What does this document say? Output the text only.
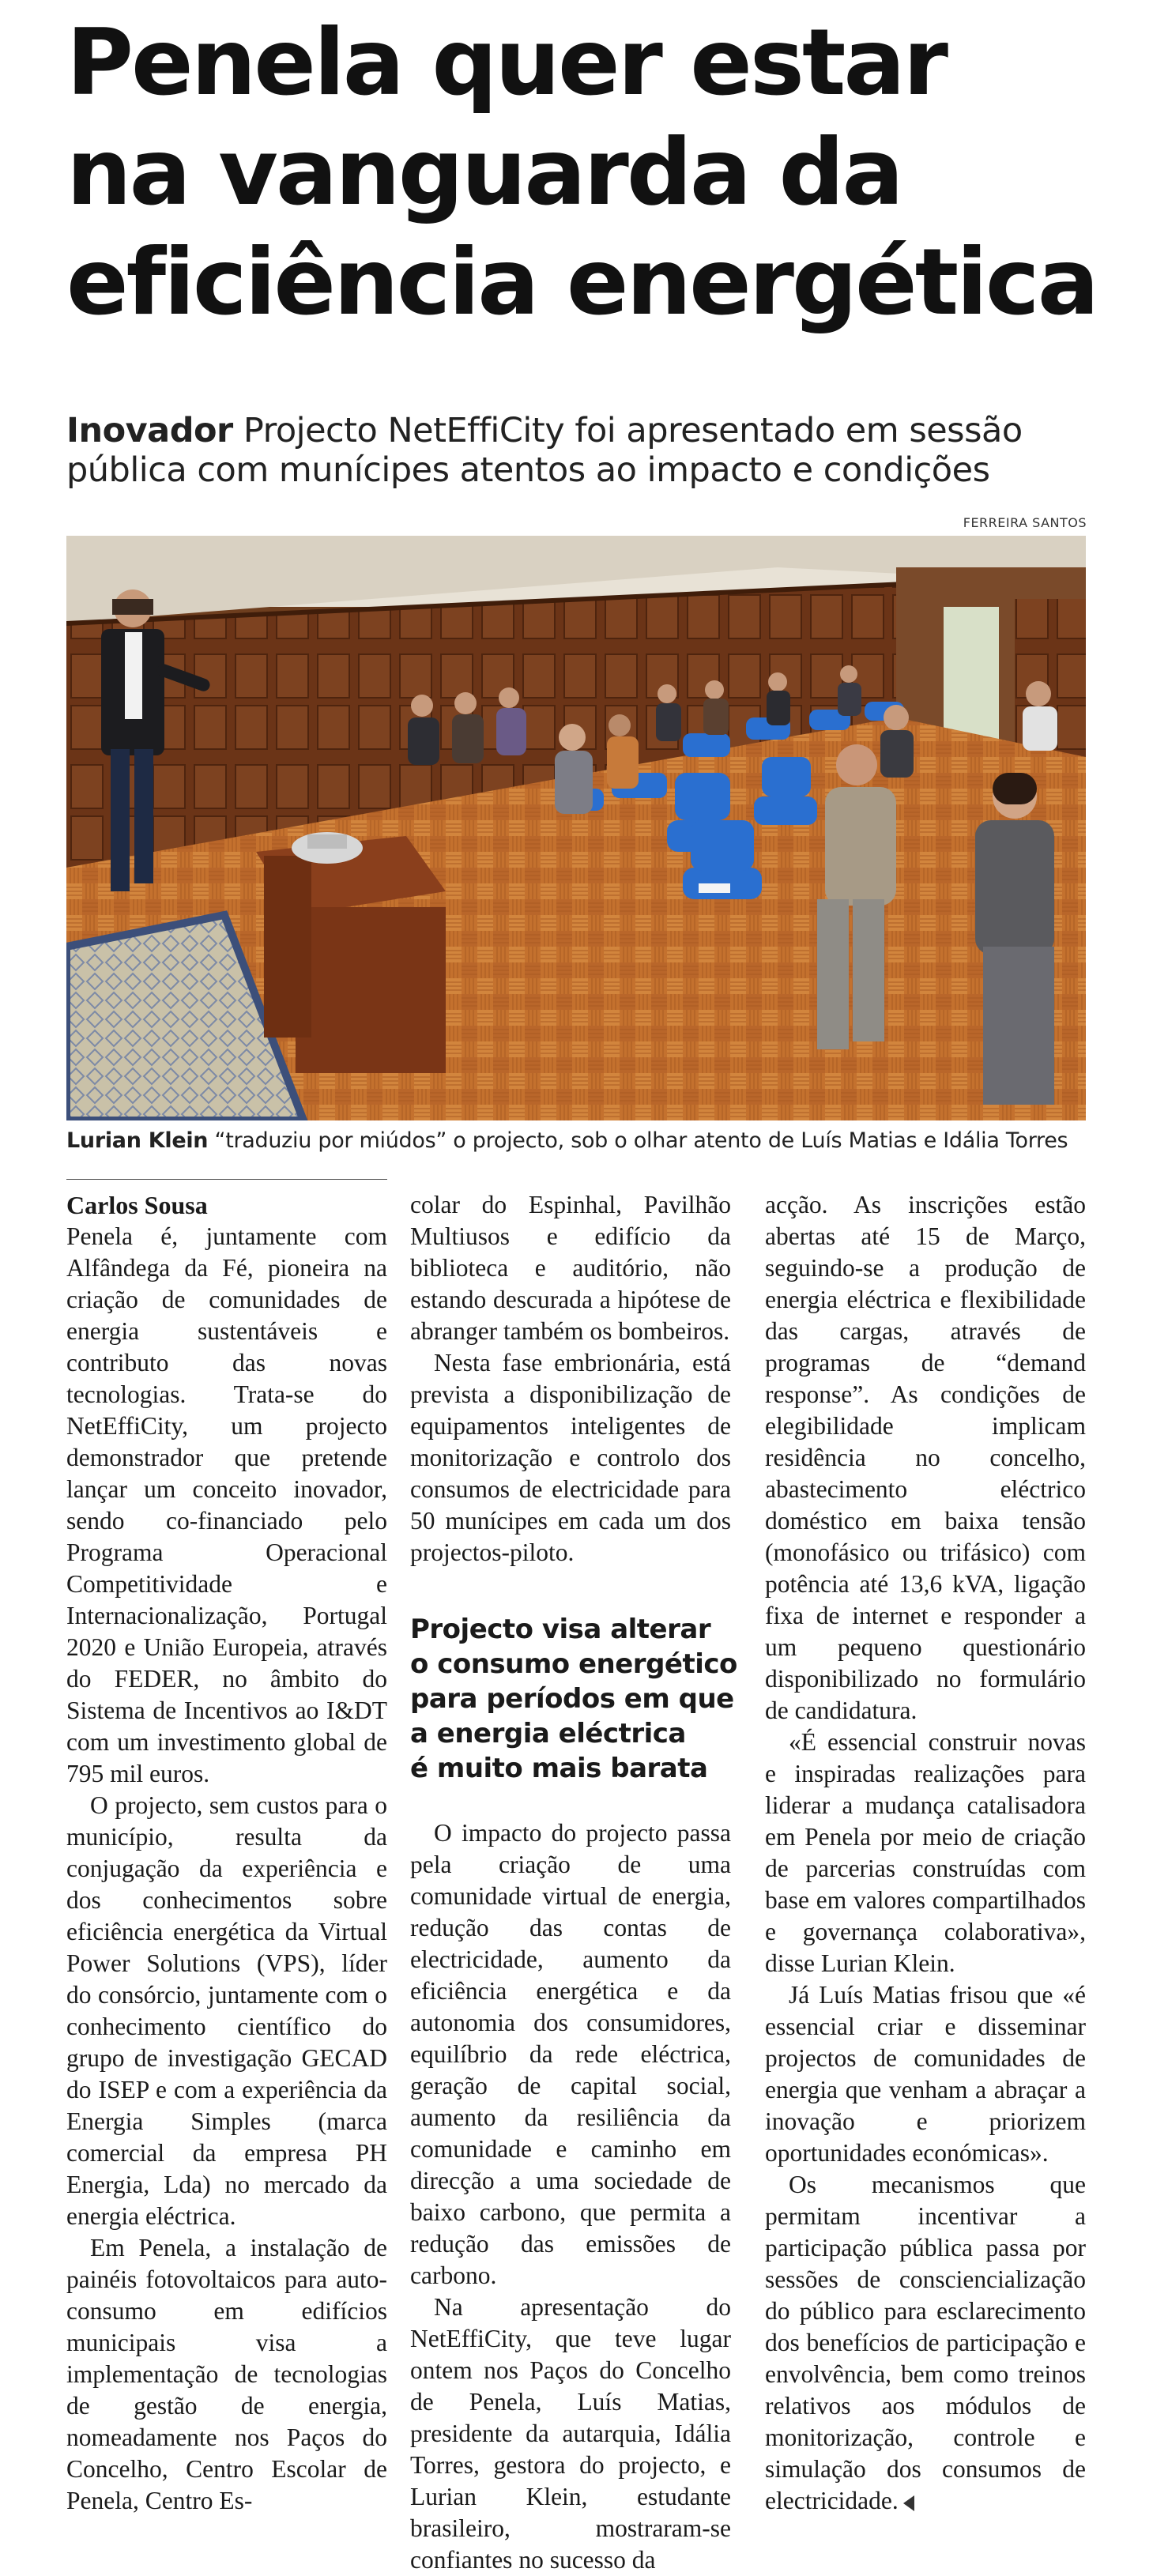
Penela quer estar
na vanguarda da
eficiência energética
Inovador Projecto NetEffiCity foi apresentado em sessão
pública com munícipes atentos ao impacto e condições
FERREIRA SANTOS
Lurian Klein “traduziu por miúdos” o projecto, sob o olhar atento de Luís Matias e Idália Torres

Carlos Sousa

Penela é, juntamente com Alfândega da Fé, pioneira na criação de comunidades de energia sustentáveis e contributo das novas tecnologias. Trata-se do NetEffiCity, um projecto demonstrador que pretende lançar um conceito inovador, sendo co-financiado pelo Programa Operacional Competitividade e Internacionalização, Portugal 2020 e União Europeia, através do FEDER, no âmbito do Sistema de Incentivos ao I&DT com um investimento global de 795 mil euros.

O projecto, sem custos para o município, resulta da conjugação da experiência e dos conhecimentos sobre eficiência energética da Virtual Power Solutions (VPS), líder do consórcio, juntamente com o conhecimento científico do grupo de investigação GECAD do ISEP e com a experiência da Energia Simples (marca comercial da empresa PH Energia, Lda) no mercado da energia eléctrica.

Em Penela, a instalação de painéis fotovoltaicos para auto-consumo em edifícios municipais visa a implementação de tecnologias de gestão de energia, nomeadamente nos Paços do Concelho, Centro Escolar de Penela, Centro Es-

colar do Espinhal, Pavilhão Multiusos e edifício da biblioteca e auditório, não estando descurada a hipótese de abranger também os bombeiros.

Nesta fase embrionária, está prevista a disponibilização de equipamentos inteligentes de monitorização e controlo dos consumos de electricidade para 50 munícipes em cada um dos projectos-piloto.

Projecto visa alterar
o consumo energético
para períodos em que
a energia eléctrica
é muito mais barata

O impacto do projecto passa pela criação de uma comunidade virtual de energia, redução das contas de electricidade, aumento da eficiência energética e da autonomia dos consumidores, equilíbrio da rede eléctrica, geração de capital social, aumento da resiliência da comunidade e caminho em direcção a uma sociedade de baixo carbono, que permita a redução das emissões de carbono.

Na apresentação do NetEffiCity, que teve lugar ontem nos Paços do Concelho de Penela, Luís Matias, presidente da autarquia, Idália Torres, gestora do projecto, e Lurian Klein, estudante brasileiro, mostraram-se confiantes no sucesso da

acção. As inscrições estão abertas até 15 de Março, seguindo-se a produção de energia eléctrica e flexibilidade das cargas, através de programas de “demand response”. As condições de elegibilidade implicam residência no concelho, abastecimento eléctrico doméstico em baixa tensão (monofásico ou trifásico) com potência até 13,6 kVA, ligação fixa de internet e responder a um pequeno questionário disponibilizado no formulário de candidatura.

«É essencial construir novas e inspiradas realizações para liderar a mudança catalisadora em Penela por meio de criação de parcerias construídas com base em valores compartilhados e governança colaborativa», disse Lurian Klein.

Já Luís Matias frisou que «é essencial criar e disseminar projectos de comunidades de energia que venham a abraçar a inovação e priorizem oportunidades económicas».

Os mecanismos que permitam incentivar a participação pública passa por sessões de consciencialização do público para esclarecimento dos benefícios de participação e envolvência, bem como treinos relativos aos módulos de monitorização, controle e simulação dos consumos de electricidade.
